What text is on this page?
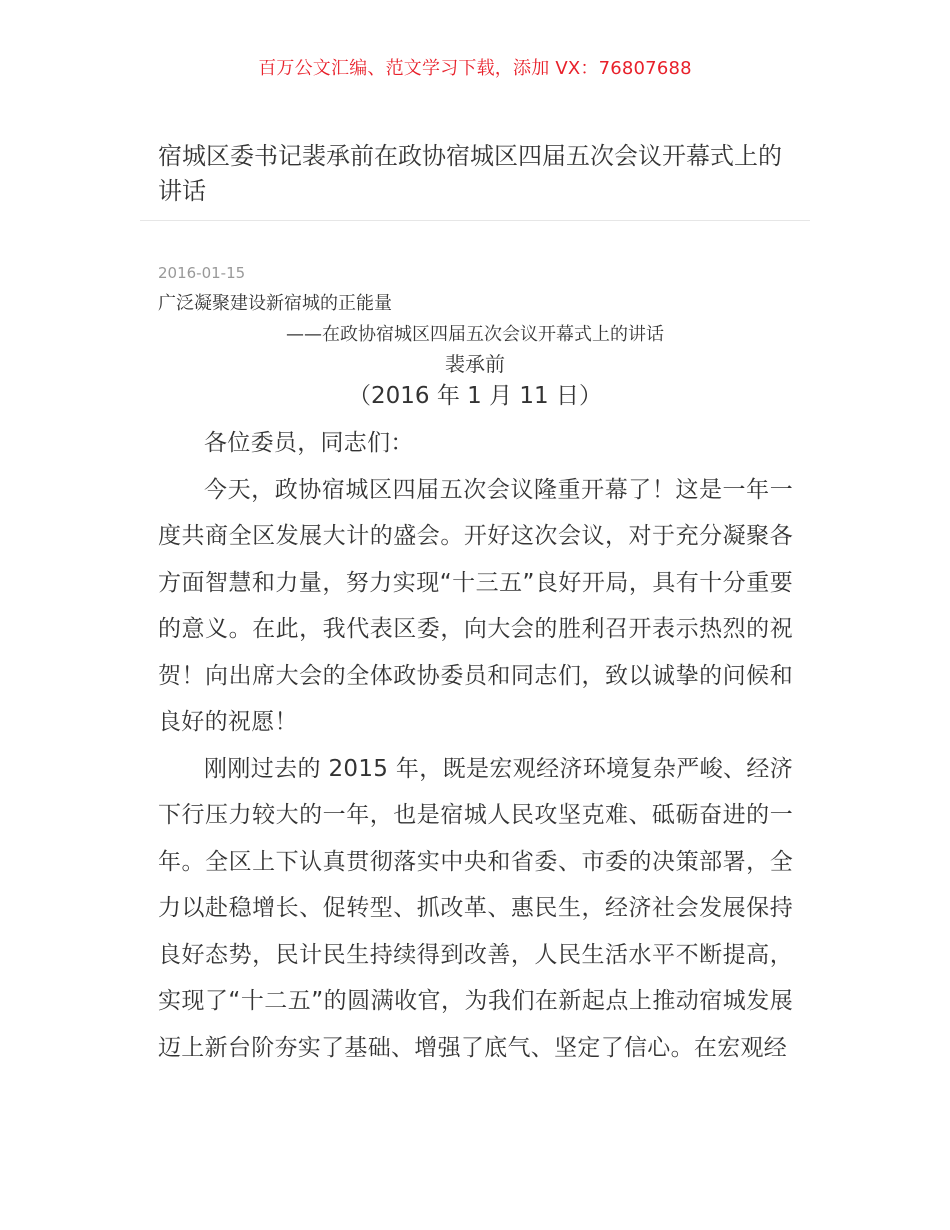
百万公文汇编、范文学习下载，添加 VX：76807688
宿城区委书记裴承前在政协宿城区四届五次会议开幕式上的讲话
2016-01-15
广泛凝聚建设新宿城的正能量
——在政协宿城区四届五次会议开幕式上的讲话
裴承前
（2016 年 1 月 11 日）

各位委员，同志们：

今天，政协宿城区四届五次会议隆重开幕了！这是一年一度共商全区发展大计的盛会。开好这次会议，对于充分凝聚各方面智慧和力量，努力实现“十三五”良好开局，具有十分重要的意义。在此，我代表区委，向大会的胜利召开表示热烈的祝贺！向出席大会的全体政协委员和同志们，致以诚挚的问候和良好的祝愿！

刚刚过去的 2015 年，既是宏观经济环境复杂严峻、经济下行压力较大的一年，也是宿城人民攻坚克难、砥砺奋进的一年。全区上下认真贯彻落实中央和省委、市委的决策部署，全力以赴稳增长、促转型、抓改革、惠民生，经济社会发展保持良好态势，民计民生持续得到改善，人民生活水平不断提高，实现了“十二五”的圆满收官，为我们在新起点上推动宿城发展迈上新台阶夯实了基础、增强了底气、坚定了信心。在宏观经
